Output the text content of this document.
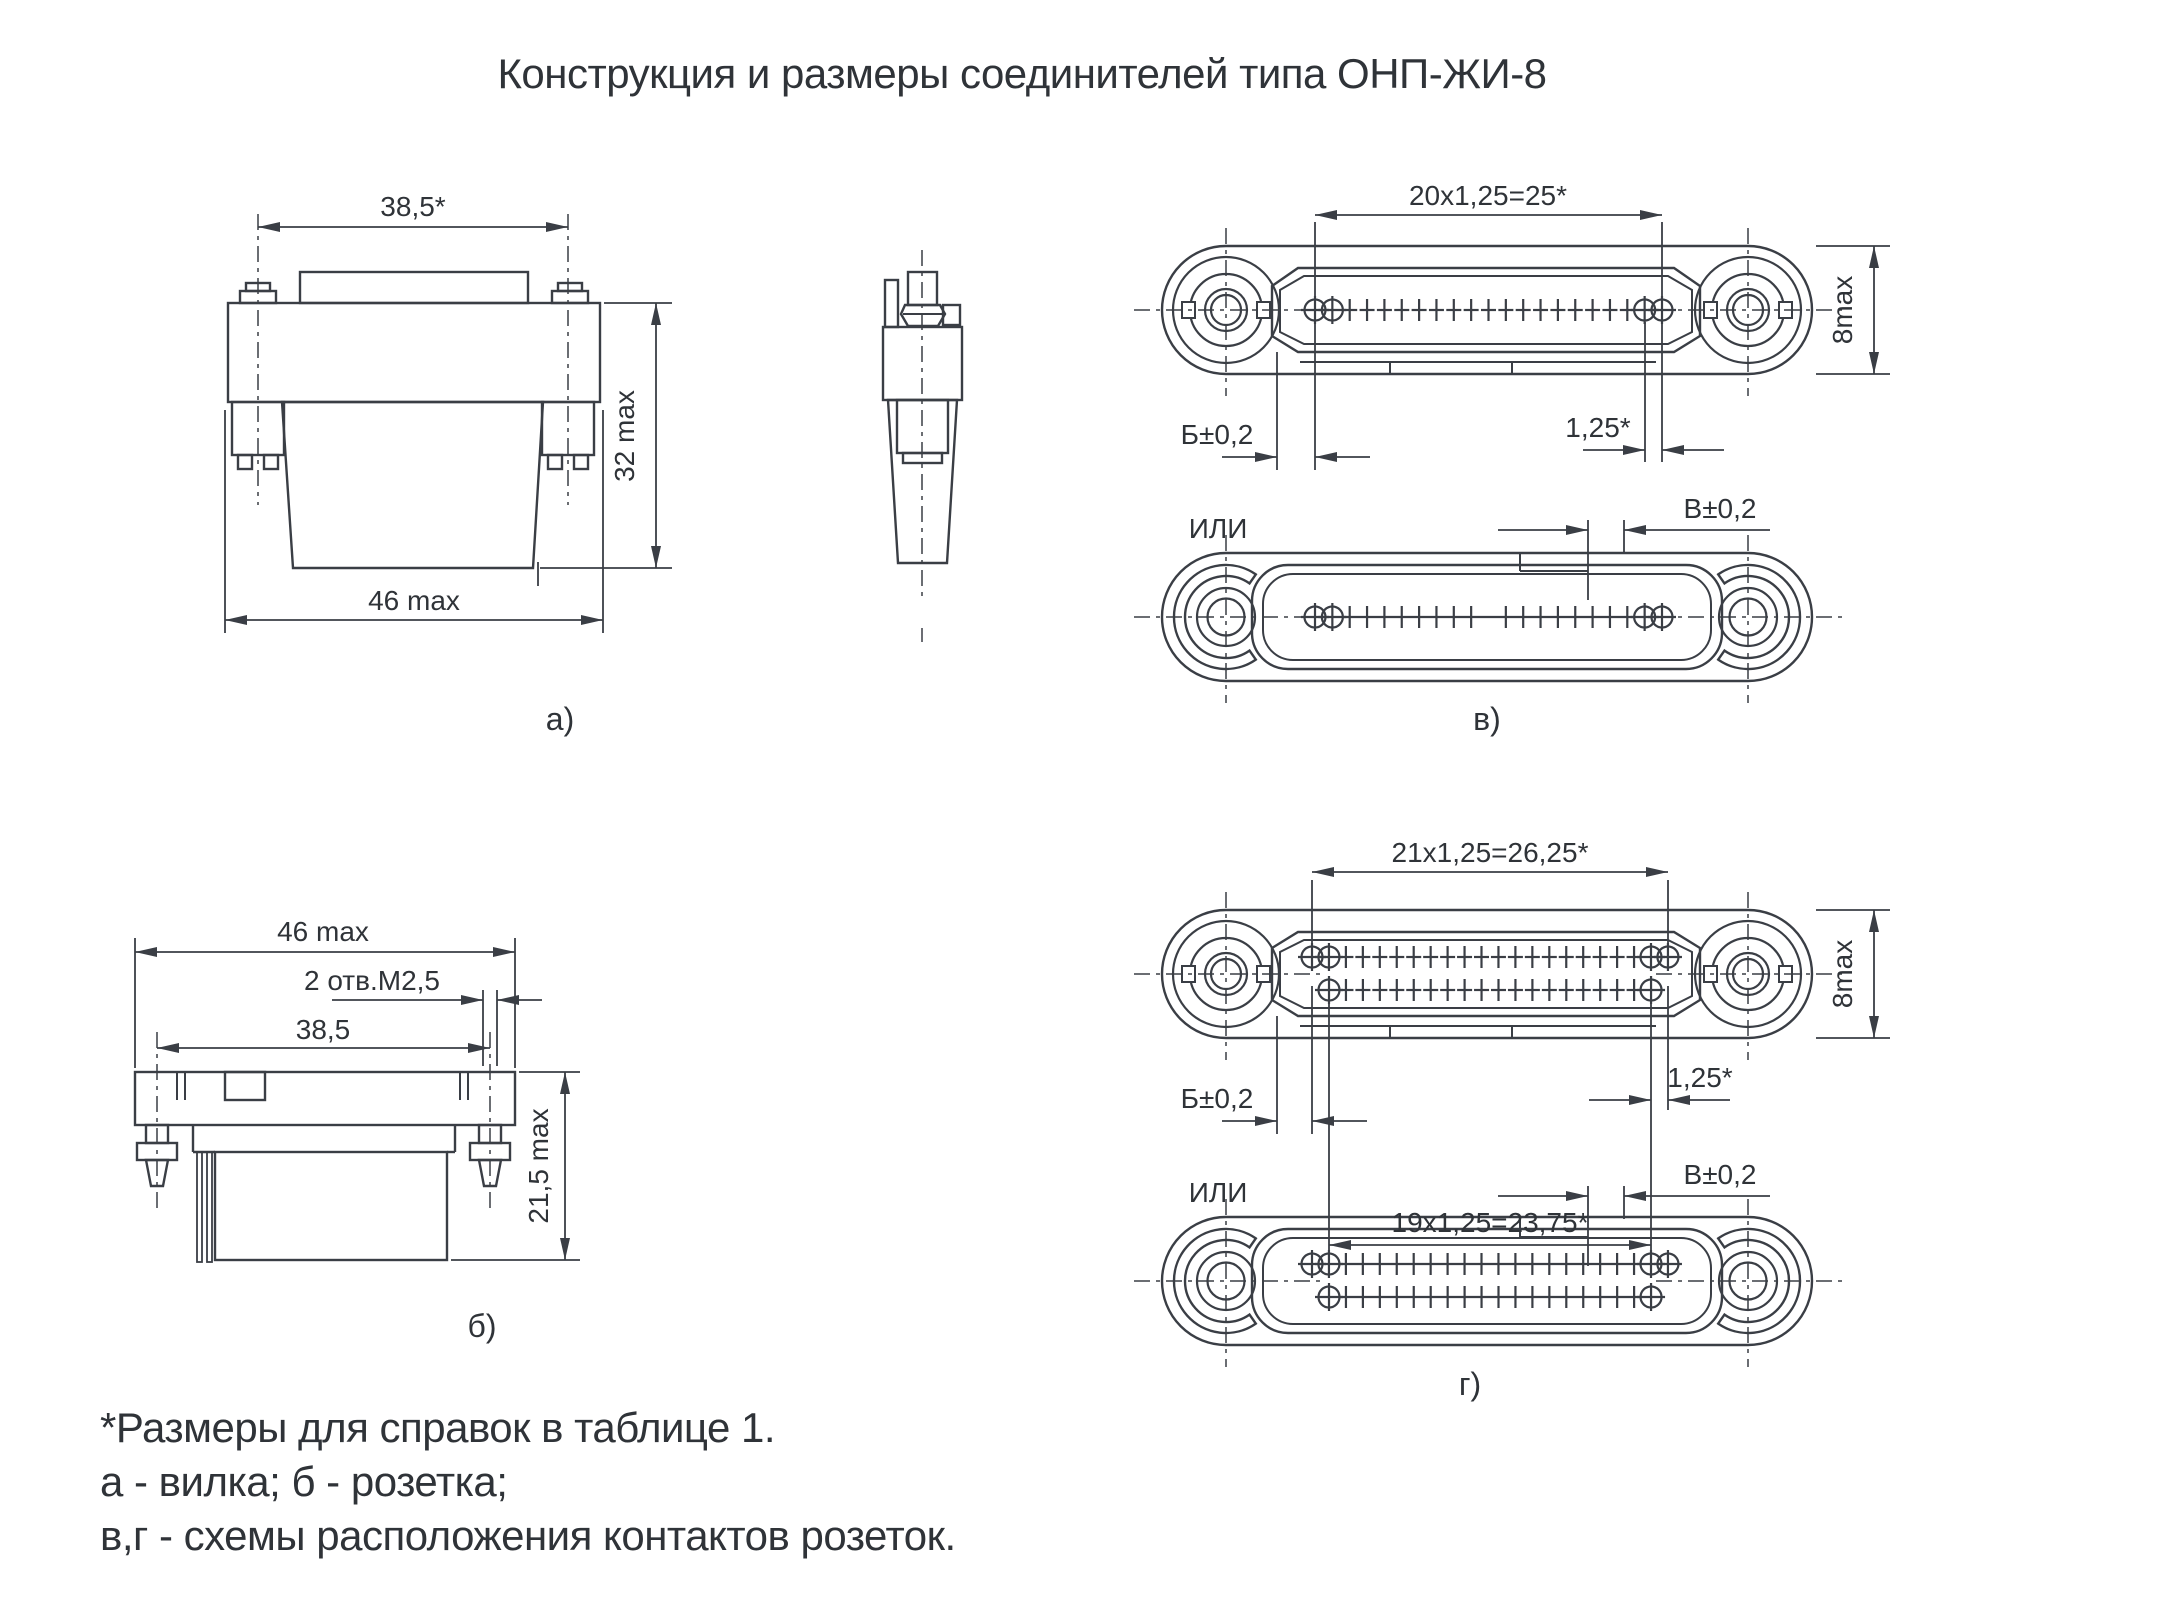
Конструкция и размеры соединителей типа ОНП-ЖИ-8
38,5*
32 max
46 max
а)
46 max
2 отв.М2,5
38,5
21,5 max
б)
20х1,25=25*
8max
Б±0,2	1,25*
ИЛИ
В±0,2
в)
21х1,25=26,25*
8max
Б±0,2
1,25*
19х1,25=23,75*
ИЛИ
В±0,2
г)
*Размеры для справок в таблице 1.
а - вилка; б - розетка;
в,г - схемы расположения контактов розеток.
